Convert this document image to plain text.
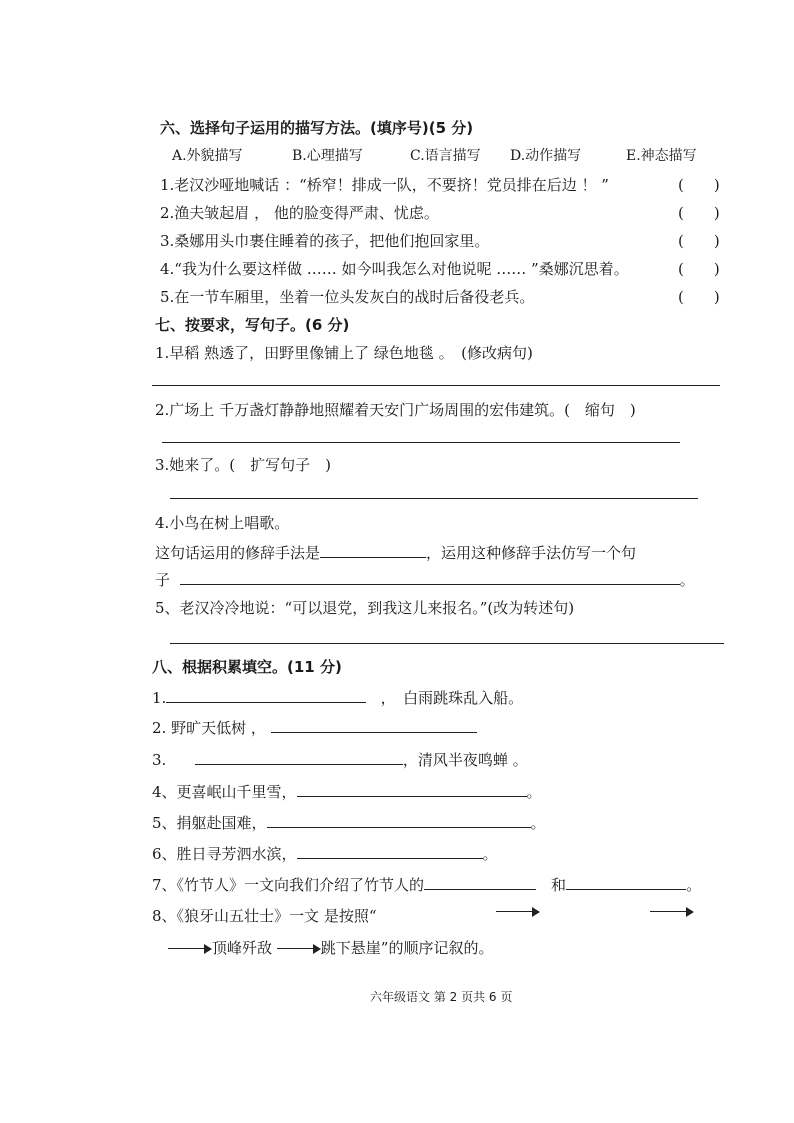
六、选择句子运用的描写方法。(填序号)(5 分)
A.外貌描写	B.心理描写	C.语言描写 D.动作描写	E.神态描写
1.老汉沙哑地喊话 ：“桥窄！排成一队，不要挤！党员排在后边 ！ ”	(　　)
2.渔夫皱起眉 ， 他的脸变得严肃、忧虑。	(　　)
3.桑娜用头巾裹住睡着的孩子，把他们抱回家里。	(　　)
4.“我为什么要这样做 …… 如今叫我怎么对他说呢 …… ”桑娜沉思着。	(　　)
5.在一节车厢里，坐着一位头发灰白的战时后备役老兵。	(　　)
七、按要求，写句子。(6 分)
1.早稻 熟透了，田野里像铺上了 绿色地毯 。　(修改病句)
2.广场上 千万盏灯静静地照耀着天安门广场周围的宏伟建筑。(　缩句　)
3.她来了。(　扩写句子　)
4.小鸟在树上唱歌。
这句话运用的修辞手法是	，运用这种修辞手法仿写一个句
子	。
5、老汉冷冷地说：“可以退党，到我这儿来报名。”(改为转述句)
八、根据积累填空。(11 分)
1.	，　白雨跳珠乱入船。
2. 野旷天低树 ，
3.	，清风半夜鸣蝉 。
4、更喜岷山千里雪，	。
5、捐躯赴国难，	。
6、胜日寻芳泗水滨，	。
7、《竹节人》一文向我们介绍了竹节人的	　和	。
8、《狼牙山五壮士》一文 是按照“
顶峰歼敌	跳下悬崖”的顺序记叙的。
六年级语文 第 2 页共 6 页
